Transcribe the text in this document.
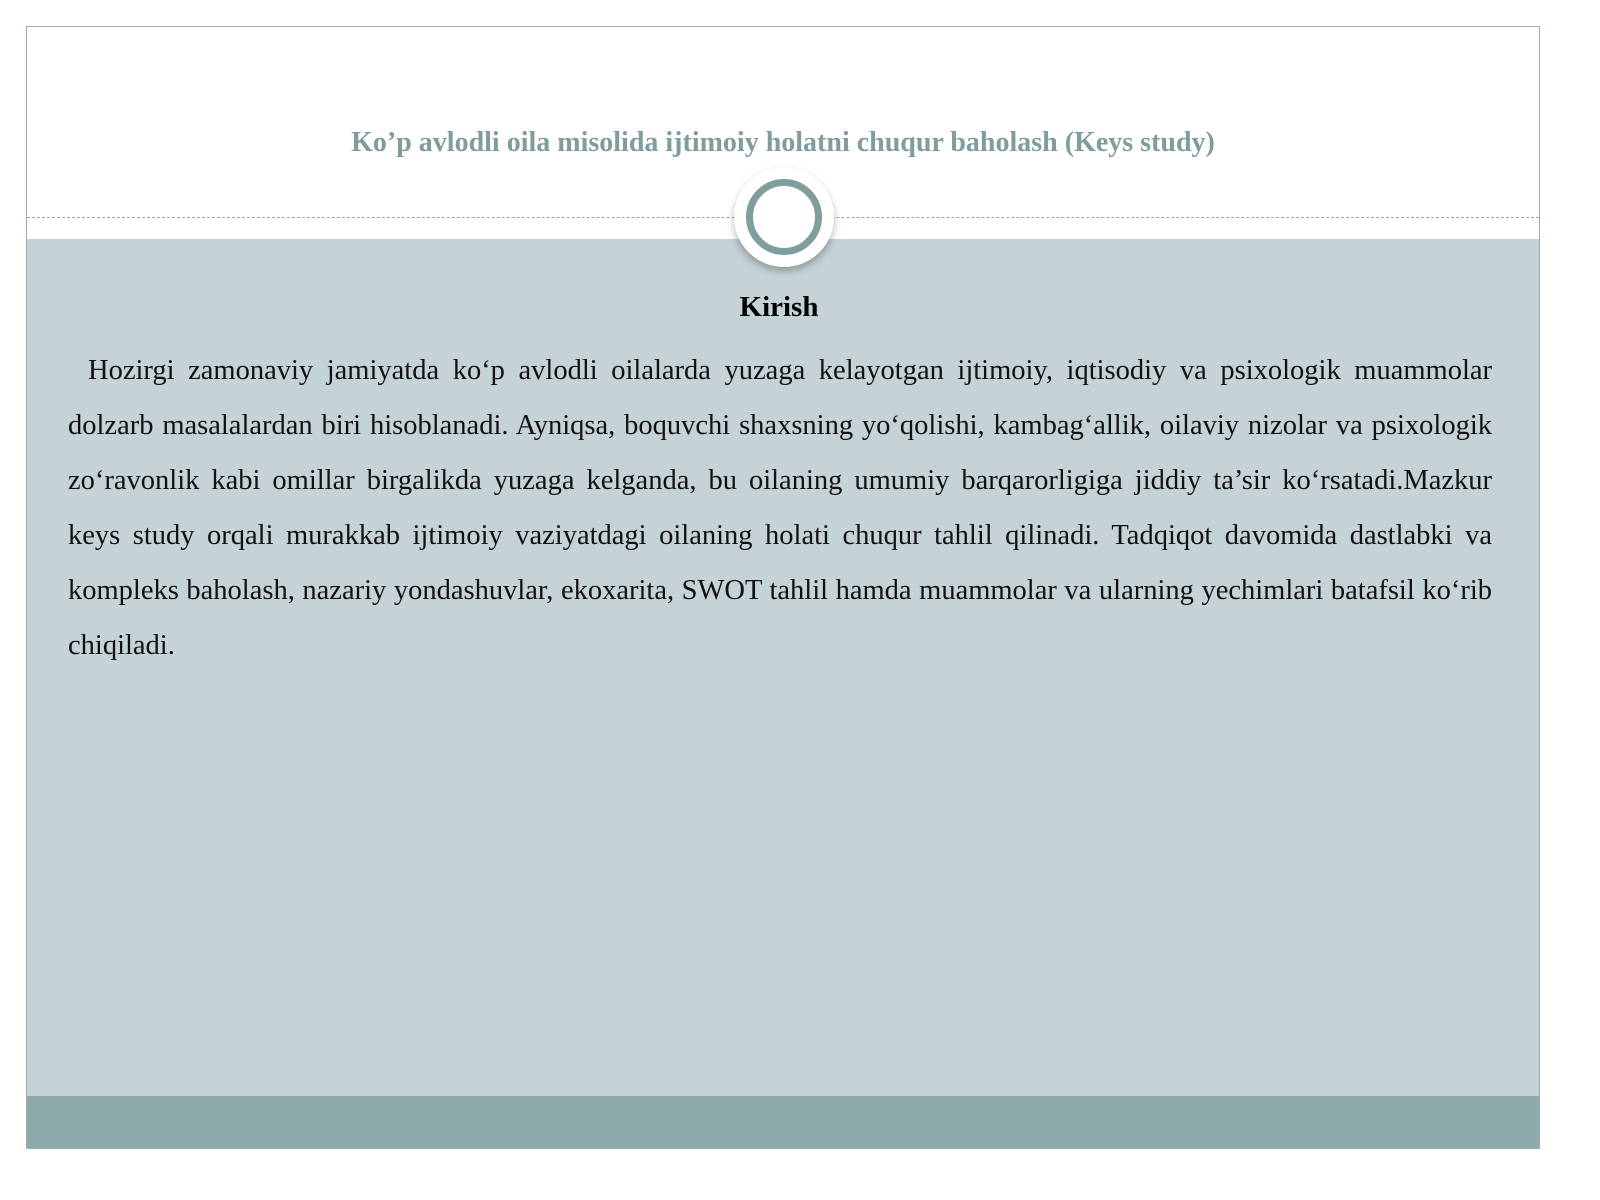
Ko’p avlodli oila misolida ijtimoiy holatni chuqur baholash (Keys study)
Kirish

Hozirgi zamonaviy jamiyatda ko‘p avlodli oilalarda yuzaga kelayotgan ijtimoiy, iqtisodiy va psixologik muammolar dolzarb masalalardan biri hisoblanadi. Ayniqsa, boquvchi shaxsning yo‘qolishi, kambag‘allik, oilaviy nizolar va psixologik zo‘ravonlik kabi omillar birgalikda yuzaga kelganda, bu oilaning umumiy barqarorligiga jiddiy ta’sir ko‘rsatadi.Mazkur keys study orqali murakkab ijtimoiy vaziyatdagi oilaning holati chuqur tahlil qilinadi. Tadqiqot davomida dastlabki va kompleks baholash, nazariy yondashuvlar, ekoxarita, SWOT tahlil hamda muammolar va ularning yechimlari batafsil ko‘rib chiqiladi.
